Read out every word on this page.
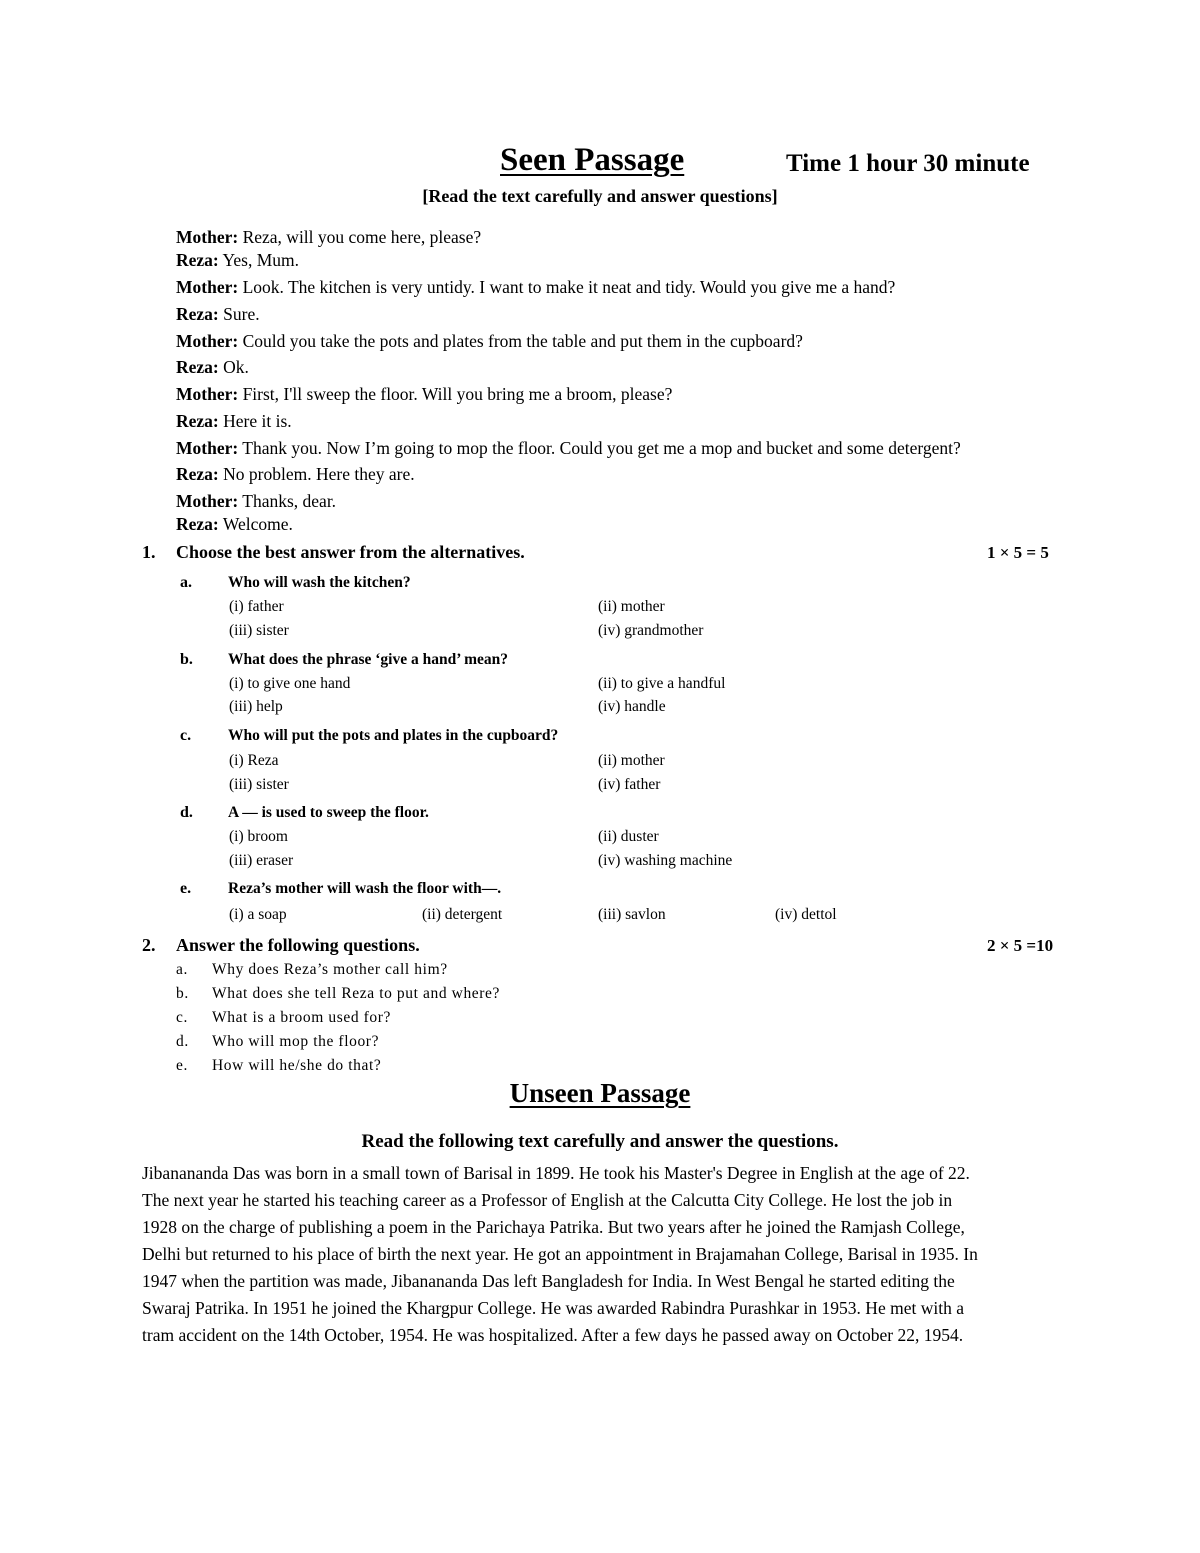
Seen Passage	Time 1 hour 30 minute
[Read the text carefully and answer questions]
Mother: Reza, will you come here, please?
Reza: Yes, Mum.
Mother: Look. The kitchen is very untidy. I want to make it neat and tidy. Would you give me a hand?
Reza: Sure.
Mother: Could you take the pots and plates from the table and put them in the cupboard?
Reza: Ok.
Mother: First, I'll sweep the floor. Will you bring me a broom, please?
Reza: Here it is.
Mother: Thank you. Now I’m going to mop the floor. Could you get me a mop and bucket and some detergent?
Reza: No problem. Here they are.
Mother: Thanks, dear.
Reza: Welcome.
1. Choose the best answer from the alternatives.	1 × 5 = 5
a. Who will wash the kitchen?
(i) father	(ii) mother
(iii) sister	(iv) grandmother
b. What does the phrase ‘give a hand’ mean?
(i) to give one hand	(ii) to give a handful
(iii) help	(iv) handle
c. Who will put the pots and plates in the cupboard?
(i) Reza	(ii) mother
(iii) sister	(iv) father
d. A — is used to sweep the floor.
(i) broom	(ii) duster
(iii) eraser	(iv) washing machine
e. Reza’s mother will wash the floor with—.
(i) a soap	(ii) detergent	(iii) savlon	(iv) dettol
2. Answer the following questions.	2 × 5 =10
a. Why does Reza’s mother call him?
b. What does she tell Reza to put and where?
c. What is a broom used for?
d. Who will mop the floor?
e. How will he/she do that?
Unseen Passage
Read the following text carefully and answer the questions.
Jibanananda Das was born in a small town of Barisal in 1899. He took his Master's Degree in English at the age of 22.
The next year he started his teaching career as a Professor of English at the Calcutta City College. He lost the job in
1928 on the charge of publishing a poem in the Parichaya Patrika. But two years after he joined the Ramjash College,
Delhi but returned to his place of birth the next year. He got an appointment in Brajamahan College, Barisal in 1935. In
1947 when the partition was made, Jibanananda Das left Bangladesh for India. In West Bengal he started editing the
Swaraj Patrika. In 1951 he joined the Khargpur College. He was awarded Rabindra Purashkar in 1953. He met with a
tram accident on the 14th October, 1954. He was hospitalized. After a few days he passed away on October 22, 1954.
